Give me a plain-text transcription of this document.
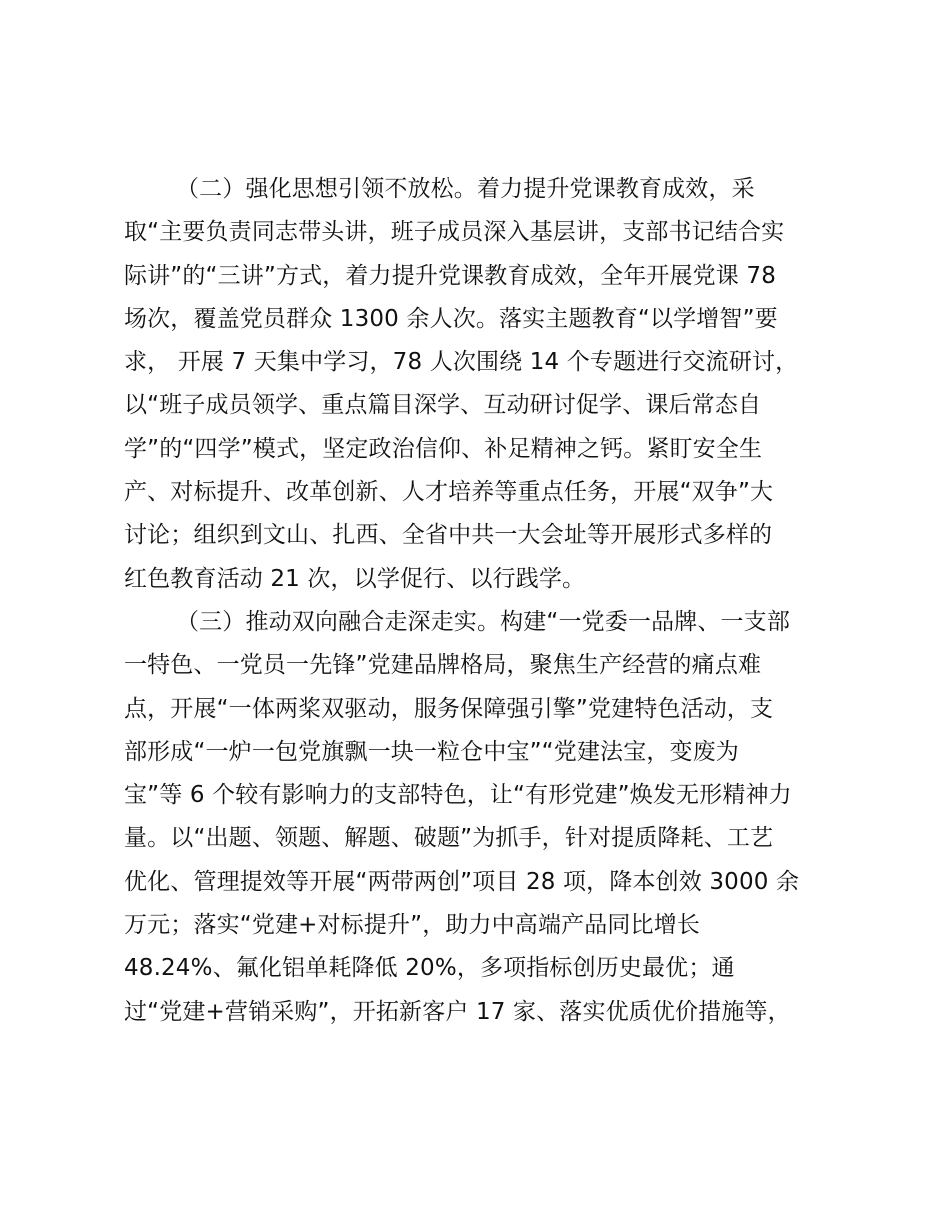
（二）强化思想引领不放松。着力提升党课教育成效，采
取“主要负责同志带头讲，班子成员深入基层讲，支部书记结合实
际讲”的“三讲”方式，着力提升党课教育成效，全年开展党课 78
场次，覆盖党员群众 1300 余人次。落实主题教育“以学增智”要
求， 开展 7 天集中学习，78 人次围绕 14 个专题进行交流研讨，
以“班子成员领学、重点篇目深学、互动研讨促学、课后常态自
学”的“四学”模式，坚定政治信仰、补足精神之钙。紧盯安全生
产、对标提升、改革创新、人才培养等重点任务，开展“双争”大
讨论；组织到文山、扎西、全省中共一大会址等开展形式多样的
红色教育活动 21 次，以学促行、以行践学。
（三）推动双向融合走深走实。构建“一党委一品牌、一支部
一特色、一党员一先锋”党建品牌格局，聚焦生产经营的痛点难
点，开展“一体两桨双驱动，服务保障强引擎”党建特色活动，支
部形成“一炉一包党旗飘一块一粒仓中宝”“党建法宝，变废为
宝”等 6 个较有影响力的支部特色，让“有形党建”焕发无形精神力
量。以“出题、领题、解题、破题”为抓手，针对提质降耗、工艺
优化、管理提效等开展“两带两创”项目 28 项，降本创效 3000 余
万元；落实“党建+对标提升”，助力中高端产品同比增长
48.24%、氟化铝单耗降低 20%，多项指标创历史最优；通
过“党建+营销采购”，开拓新客户 17 家、落实优质优价措施等，
